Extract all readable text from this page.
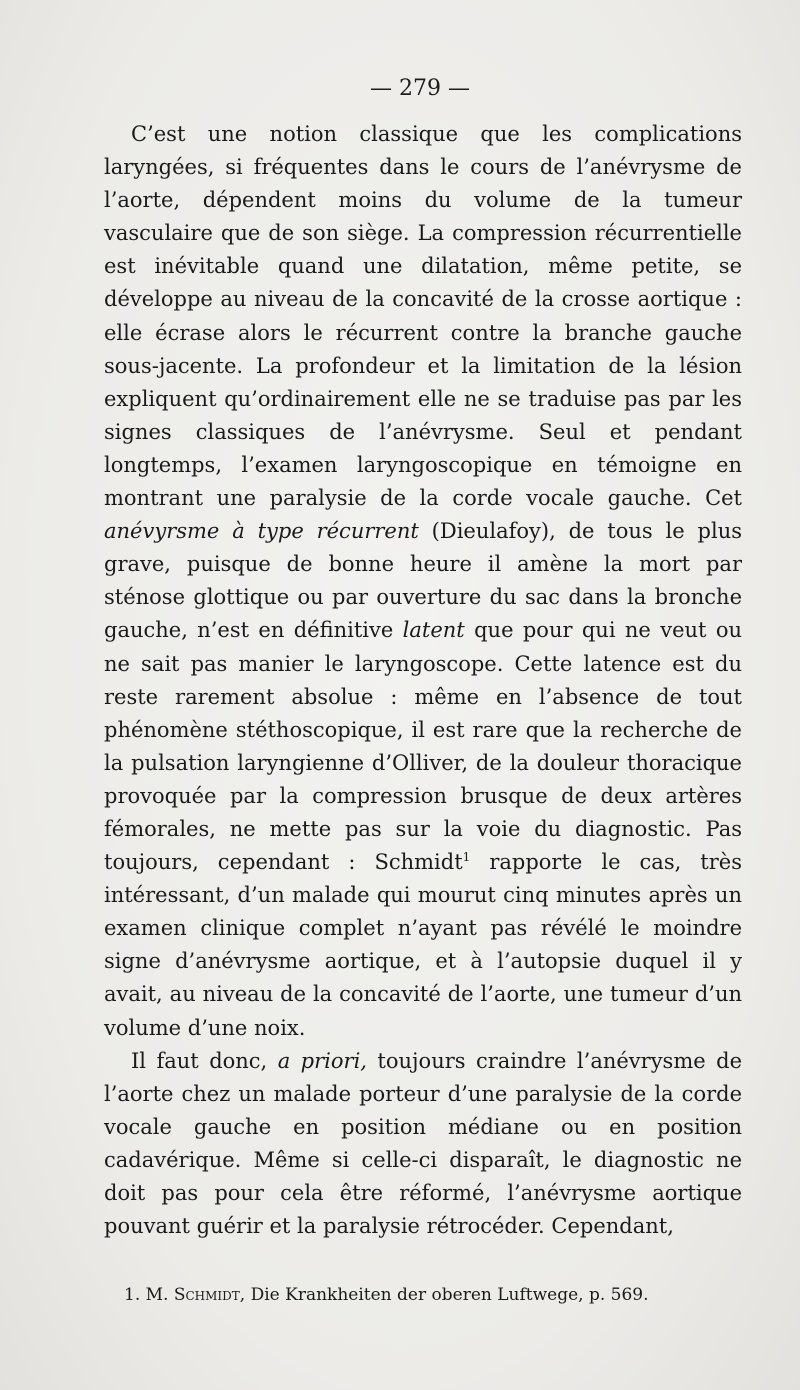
— 279 —

C’est une notion classique que les complications laryngées, si fréquentes dans le cours de l’anévrysme de l’aorte, dépendent moins du volume de la tumeur vasculaire que de son siège. La compression récurrentielle est inévitable quand une dilatation, même petite, se développe au niveau de la concavité de la crosse aortique : elle écrase alors le récurrent contre la branche gauche sous-jacente. La profondeur et la limitation de la lésion expliquent qu’ordinairement elle ne se traduise pas par les signes classiques de l’anévrysme. Seul et pendant longtemps, l’examen laryngoscopique en témoigne en montrant une paralysie de la corde vocale gauche. Cet anévyrsme à type récurrent (Dieulafoy), de tous le plus grave, puisque de bonne heure il amène la mort par sténose glottique ou par ouverture du sac dans la bronche gauche, n’est en définitive latent que pour qui ne veut ou ne sait pas manier le laryngoscope. Cette latence est du reste rarement absolue : même en l’absence de tout phénomène stéthoscopique, il est rare que la recherche de la pulsation laryngienne d’Olliver, de la douleur thoracique provoquée par la compression brusque de deux artères fémorales, ne mette pas sur la voie du diagnostic. Pas toujours, cependant : Schmidt$^1$ rapporte le cas, très intéressant, d’un malade qui mourut cinq minutes après un examen clinique complet n’ayant pas révélé le moindre signe d’anévrysme aortique, et à l’autopsie duquel il y avait, au niveau de la concavité de l’aorte, une tumeur d’un volume d’une noix.

Il faut donc, a priori, toujours craindre l’anévrysme de l’aorte chez un malade porteur d’une paralysie de la corde vocale gauche en position médiane ou en position cadavérique. Même si celle-ci disparaît, le diagnostic ne doit pas pour cela être réformé, l’anévrysme aortique pouvant guérir et la paralysie rétrocéder. Cependant,

1. M. Schmidt, Die Krankheiten der oberen Luftwege, p. 569.
